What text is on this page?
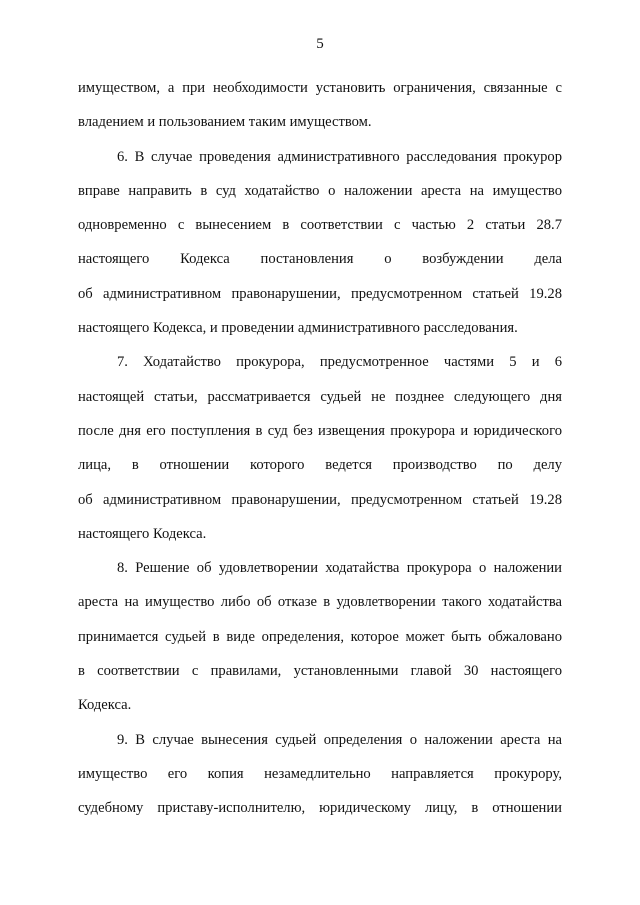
5
имуществом, а при необходимости установить ограничения, связанные с
владением и пользованием таким имуществом.
6. В случае проведения административного расследования прокурор
вправе направить в суд ходатайство о наложении ареста на имущество
одновременно с вынесением в соответствии с частью 2 статьи 28.7
настоящего Кодекса постановления о возбуждении дела
об административном правонарушении, предусмотренном статьей 19.28
настоящего Кодекса, и проведении административного расследования.
7. Ходатайство прокурора, предусмотренное частями 5 и 6
настоящей статьи, рассматривается судьей не позднее следующего дня
после дня его поступления в суд без извещения прокурора и юридического
лица, в отношении которого ведется производство по делу
об административном правонарушении, предусмотренном статьей 19.28
настоящего Кодекса.
8. Решение об удовлетворении ходатайства прокурора о наложении
ареста на имущество либо об отказе в удовлетворении такого ходатайства
принимается судьей в виде определения, которое может быть обжаловано
в соответствии с правилами, установленными главой 30 настоящего
Кодекса.
9. В случае вынесения судьей определения о наложении ареста на
имущество его копия незамедлительно направляется прокурору,
судебному приставу-исполнителю, юридическому лицу, в отношении
